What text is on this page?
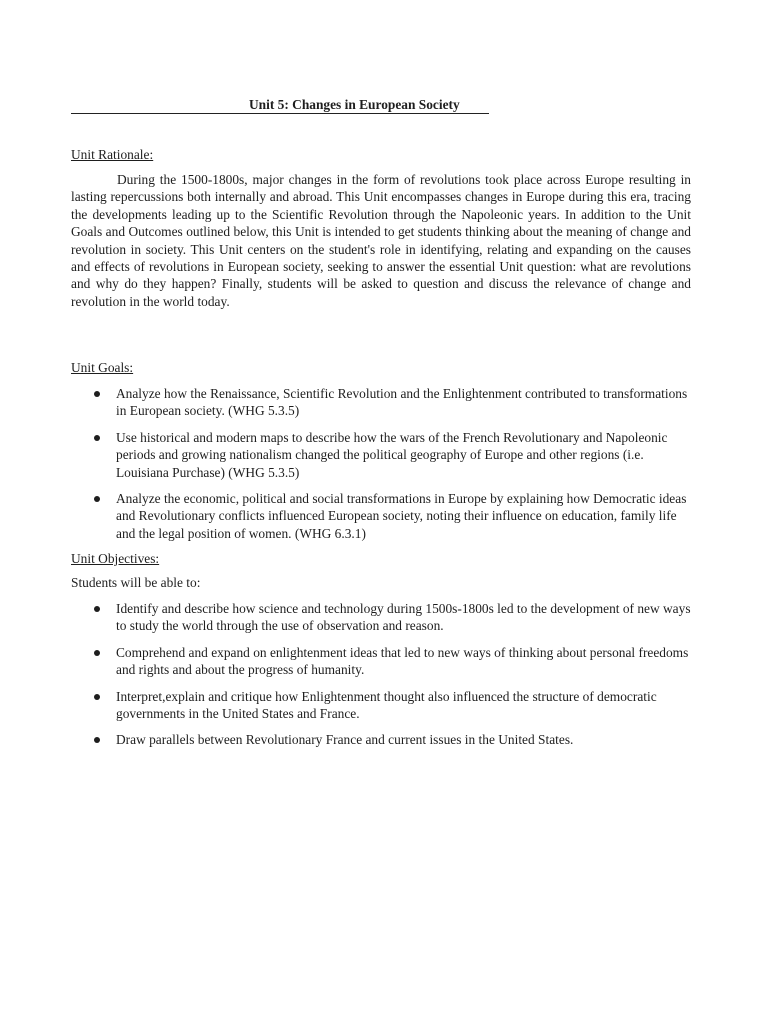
Unit 5: Changes in European Society
Unit Rationale:

During the 1500-1800s, major changes in the form of revolutions took place across Europe resulting in lasting repercussions both internally and abroad. This Unit encompasses changes in Europe during this era, tracing the developments leading up to the Scientific Revolution through the Napoleonic years. In addition to the Unit Goals and Outcomes outlined below, this Unit is intended to get students thinking about the meaning of change and revolution in society. This Unit centers on the student's role in identifying, relating and expanding on the causes and effects of revolutions in European society, seeking to answer the essential Unit question: what are revolutions and why do they happen? Finally, students will be asked to question and discuss the relevance of change and revolution in the world today.

Unit Goals:
Analyze how the Renaissance, Scientific Revolution and the Enlightenment contributed to transformations in European society. (WHG 5.3.5)
Use historical and modern maps to describe how the wars of the French Revolutionary and Napoleonic periods and growing nationalism changed the political geography of Europe and other regions (i.e. Louisiana Purchase) (WHG 5.3.5)
Analyze the economic, political and social transformations in Europe by explaining how Democratic ideas and Revolutionary conflicts influenced European society, noting their influence on education, family life and the legal position of women. (WHG 6.3.1)
Unit Objectives:
Students will be able to:
Identify and describe how science and technology during 1500s-1800s led to the development of new ways to study the world through the use of observation and reason.
Comprehend and expand on enlightenment ideas that led to new ways of thinking about personal freedoms and rights and about the progress of humanity.
Interpret,explain and critique how Enlightenment thought also influenced the structure of democratic governments in the United States and France.
Draw parallels between Revolutionary France and current issues in the United States.
